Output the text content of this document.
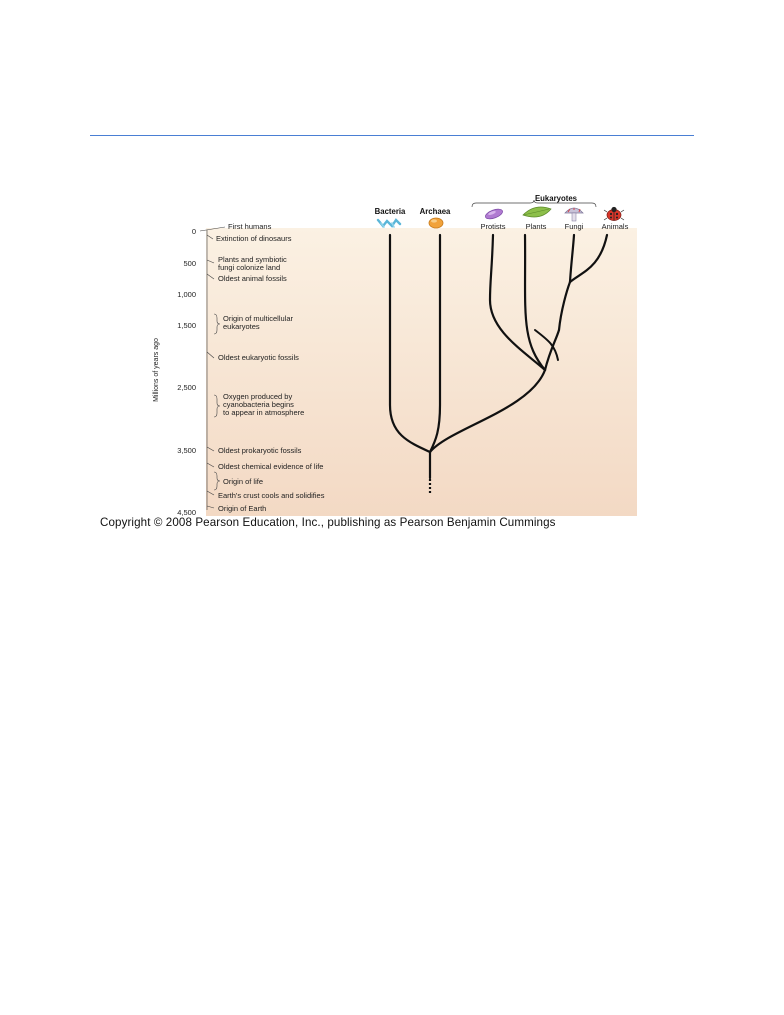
Millions of years ago
0
500
1,000
1,500
2,500
3,500
4,500
First humans
Extinction of dinosaurs
Plants and symbiotic
fungi colonize land
Oldest animal fossils
Origin of multicellular
eukaryotes
Oldest eukaryotic fossils
Oxygen produced by
cyanobacteria begins
to appear in atmosphere
Oldest prokaryotic fossils
Oldest chemical evidence of life
Origin of life
Earth's crust cools and solidifies
Origin of Earth
Bacteria Archaea
Eukaryotes
Protists	Plants Fungi Animals
Copyright © 2008 Pearson Education, Inc., publishing as Pearson Benjamin Cummings
